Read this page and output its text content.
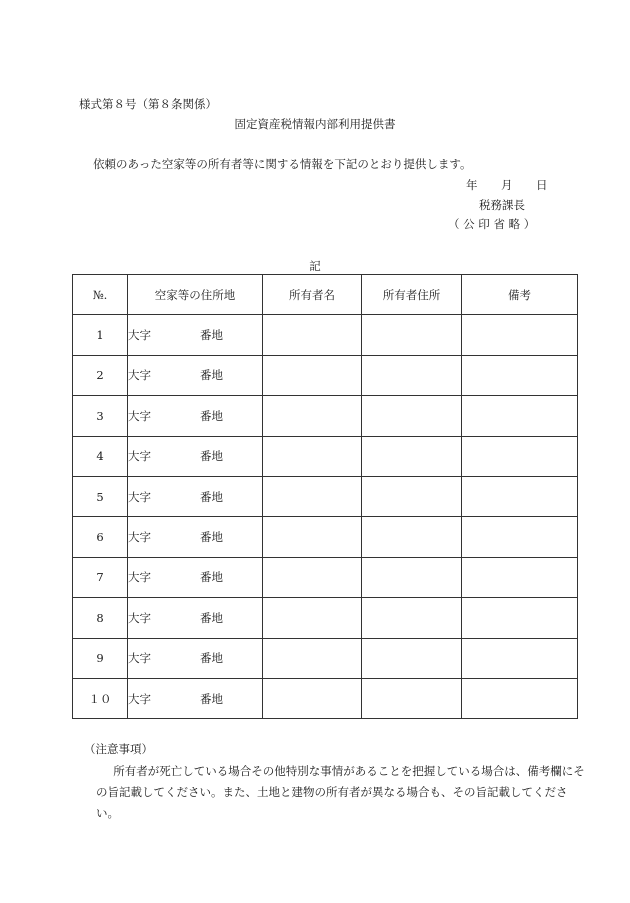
様式第８号（第８条関係）
固定資産税情報内部利用提供書
依頼のあった空家等の所有者等に関する情報を下記のとおり提供します。
年 月 日
税務課長
（ 公 印 省 略 ）
記
№.	空家等の住所地	所有者名	所有者住所	備考
1	大字 番地			
2	大字 番地			
3	大字 番地			
4	大字 番地			
5	大字 番地			
6	大字 番地			
7	大字 番地			
8	大字 番地			
9	大字 番地			
１０	大字 番地			
（注意事項）
所有者が死亡している場合その他特別な事情があることを把握している場合は、備考欄にその旨記載してください。また、土地と建物の所有者が異なる場合も、その旨記載してください。
